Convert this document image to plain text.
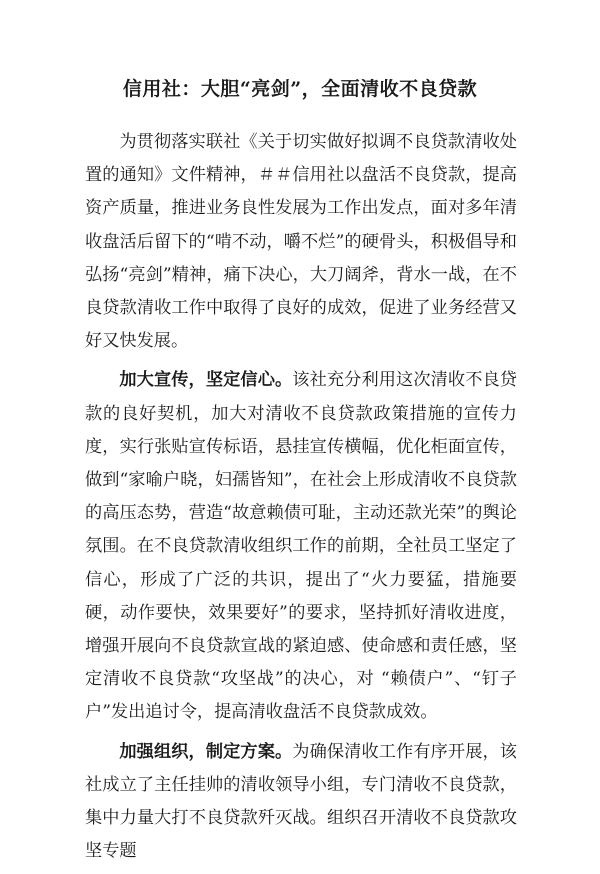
信用社：大胆“亮剑”，全面清收不良贷款

为贯彻落实联社《关于切实做好拟调不良贷款清收处置的通知》文件精神，＃＃信用社以盘活不良贷款，提高资产质量，推进业务良性发展为工作出发点，面对多年清收盘活后留下的“啃不动，嚼不烂”的硬骨头，积极倡导和弘扬“亮剑”精神，痛下决心，大刀阔斧，背水一战，在不良贷款清收工作中取得了良好的成效，促进了业务经营又好又快发展。

加大宣传，坚定信心。该社充分利用这次清收不良贷款的良好契机，加大对清收不良贷款政策措施的宣传力度，实行张贴宣传标语，悬挂宣传横幅，优化柜面宣传，做到“家喻户晓，妇孺皆知”，在社会上形成清收不良贷款的高压态势，营造“故意赖债可耻，主动还款光荣”的舆论氛围。在不良贷款清收组织工作的前期，全社员工坚定了信心，形成了广泛的共识，提出了“火力要猛，措施要硬，动作要快，效果要好”的要求，坚持抓好清收进度，增强开展向不良贷款宣战的紧迫感、使命感和责任感，坚定清收不良贷款“攻坚战”的决心，对 “赖债户”、“钉子户”发出追讨令，提高清收盘活不良贷款成效。

加强组织，制定方案。为确保清收工作有序开展，该社成立了主任挂帅的清收领导小组，专门清收不良贷款，集中力量大打不良贷款歼灭战。组织召开清收不良贷款攻坚专题
